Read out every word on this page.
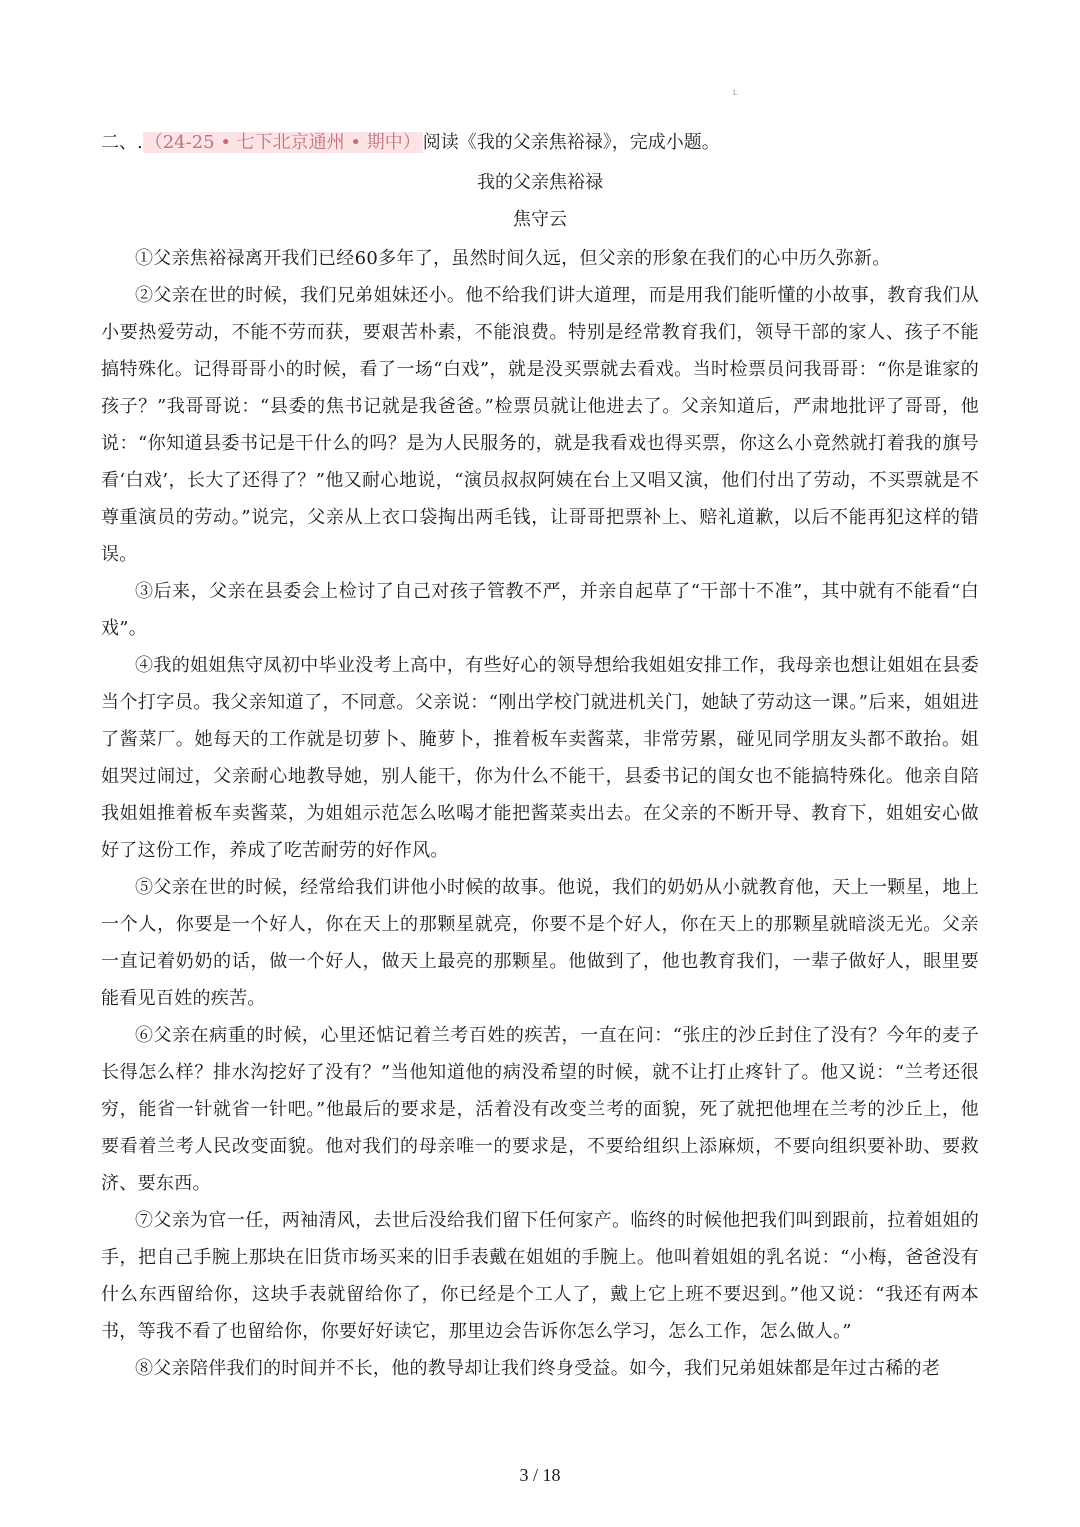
L
二、. （24-25 • 七下北京通州 • 期中） 阅读《我的父亲焦裕禄》，完成小题。
我的父亲焦裕禄
焦守云

①父亲焦裕禄离开我们已经60多年了，虽然时间久远，但父亲的形象在我们的心中历久弥新。

②父亲在世的时候，我们兄弟姐妹还小。他不给我们讲大道理，而是用我们能听懂的小故事，教育我们从小要热爱劳动，不能不劳而获，要艰苦朴素，不能浪费。特别是经常教育我们，领导干部的家人、孩子不能搞特殊化。记得哥哥小的时候，看了一场“白戏”，就是没买票就去看戏。当时检票员问我哥哥：“你是谁家的孩子？”我哥哥说：“县委的焦书记就是我爸爸。”检票员就让他进去了。父亲知道后，严肃地批评了哥哥，他说：“你知道县委书记是干什么的吗？是为人民服务的，就是我看戏也得买票，你这么小竟然就打着我的旗号看‘白戏’，长大了还得了？”他又耐心地说，“演员叔叔阿姨在台上又唱又演，他们付出了劳动，不买票就是不尊重演员的劳动。”说完，父亲从上衣口袋掏出两毛钱，让哥哥把票补上、赔礼道歉，以后不能再犯这样的错误。

③后来，父亲在县委会上检讨了自己对孩子管教不严，并亲自起草了“干部十不准”，其中就有不能看“白戏”。

④我的姐姐焦守凤初中毕业没考上高中，有些好心的领导想给我姐姐安排工作，我母亲也想让姐姐在县委当个打字员。我父亲知道了，不同意。父亲说：“刚出学校门就进机关门，她缺了劳动这一课。”后来，姐姐进了酱菜厂。她每天的工作就是切萝卜、腌萝卜，推着板车卖酱菜，非常劳累，碰见同学朋友头都不敢抬。姐姐哭过闹过，父亲耐心地教导她，别人能干，你为什么不能干，县委书记的闺女也不能搞特殊化。他亲自陪我姐姐推着板车卖酱菜，为姐姐示范怎么吆喝才能把酱菜卖出去。在父亲的不断开导、教育下，姐姐安心做好了这份工作，养成了吃苦耐劳的好作风。

⑤父亲在世的时候，经常给我们讲他小时候的故事。他说，我们的奶奶从小就教育他，天上一颗星，地上一个人，你要是一个好人，你在天上的那颗星就亮，你要不是个好人，你在天上的那颗星就暗淡无光。父亲一直记着奶奶的话，做一个好人，做天上最亮的那颗星。他做到了，他也教育我们，一辈子做好人，眼里要能看见百姓的疾苦。

⑥父亲在病重的时候，心里还惦记着兰考百姓的疾苦，一直在问：“张庄的沙丘封住了没有？今年的麦子长得怎么样？排水沟挖好了没有？”当他知道他的病没希望的时候，就不让打止疼针了。他又说：“兰考还很穷，能省一针就省一针吧。”他最后的要求是，活着没有改变兰考的面貌，死了就把他埋在兰考的沙丘上，他要看着兰考人民改变面貌。他对我们的母亲唯一的要求是，不要给组织上添麻烦，不要向组织要补助、要救济、要东西。

⑦父亲为官一任，两袖清风，去世后没给我们留下任何家产。临终的时候他把我们叫到跟前，拉着姐姐的手，把自己手腕上那块在旧货市场买来的旧手表戴在姐姐的手腕上。他叫着姐姐的乳名说：“小梅，爸爸没有什么东西留给你，这块手表就留给你了，你已经是个工人了，戴上它上班不要迟到。”他又说：“我还有两本书，等我不看了也留给你，你要好好读它，那里边会告诉你怎么学习，怎么工作，怎么做人。”

⑧父亲陪伴我们的时间并不长，他的教导却让我们终身受益。如今，我们兄弟姐妹都是年过古稀的老

3 / 18
